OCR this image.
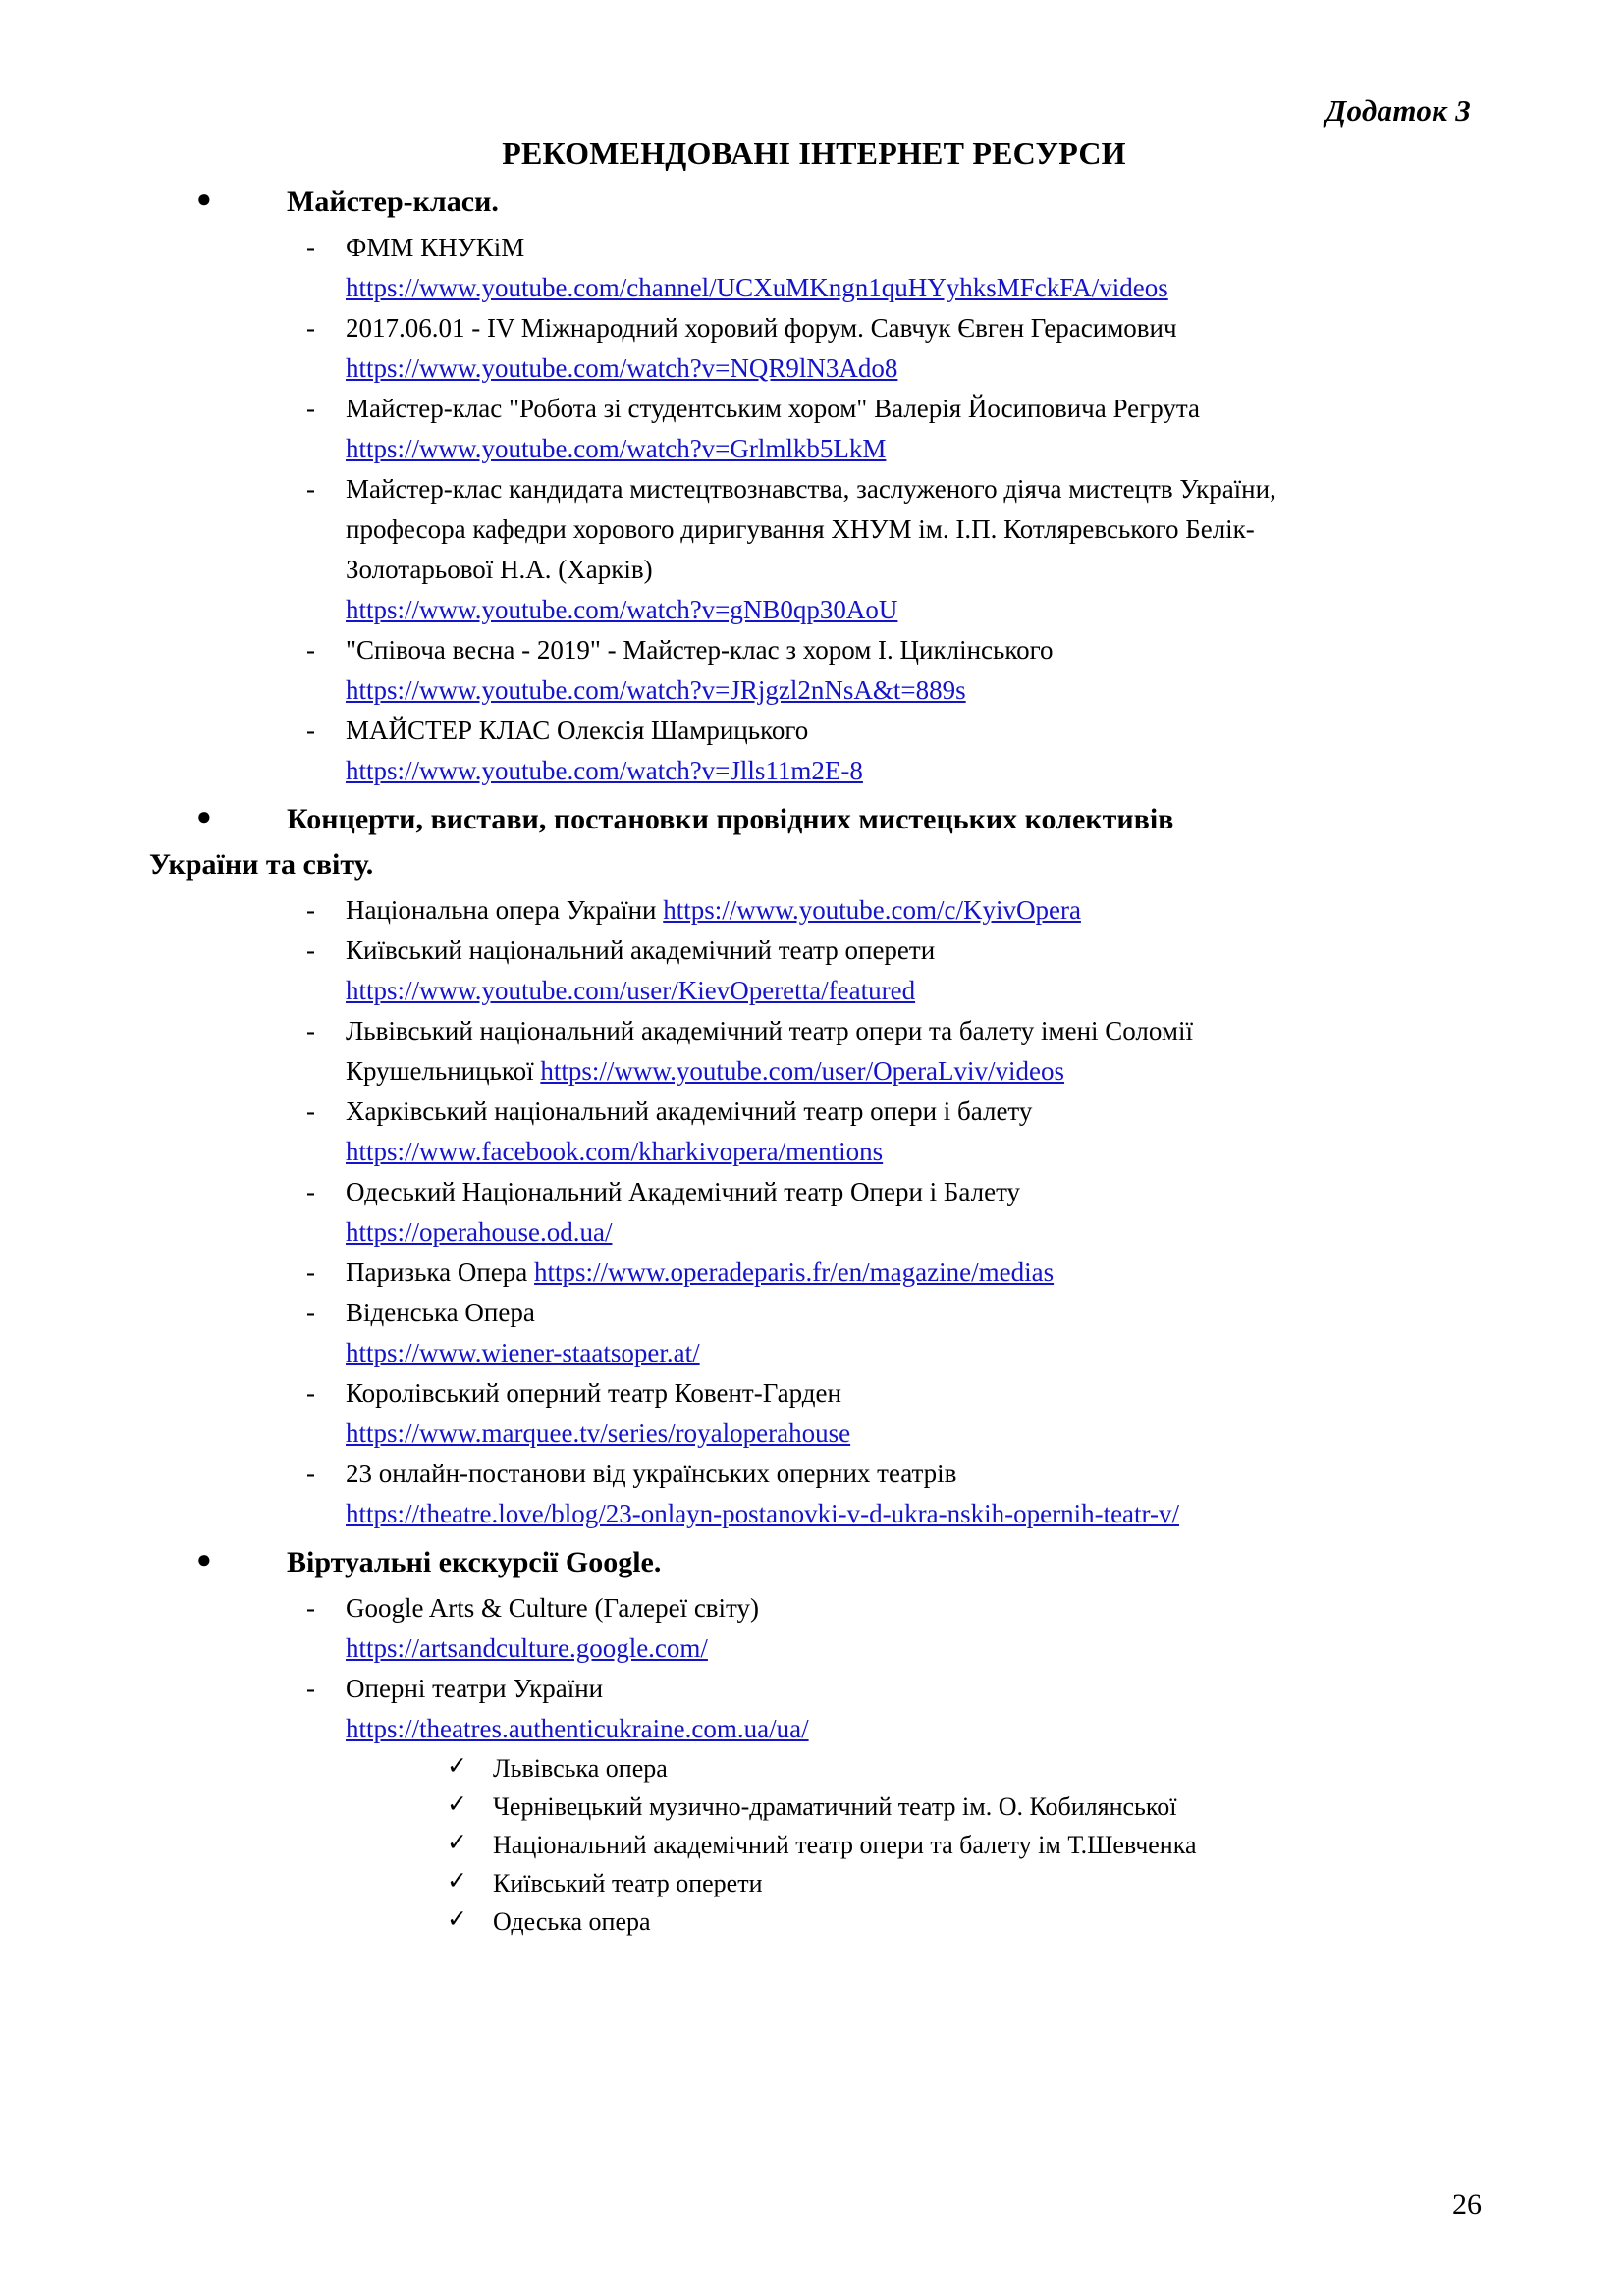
Додаток 3
РЕКОМЕНДОВАНІ ІНТЕРНЕТ РЕСУРСИ
●	Майстер-класи.
- ФММ КНУКіМ
https://www.youtube.com/channel/UCXuMKngn1quHYyhksMFckFA/videos
- 2017.06.01 - IV Міжнародний хоровий форум. Савчук Євген Герасимович
https://www.youtube.com/watch?v=NQR9lN3Ado8
- Майстер-клас "Робота зі студентським хором" Валерія Йосиповича Регрута
https://www.youtube.com/watch?v=Grlmlkb5LkM
- Майстер-клас кандидата мистецтвознавства, заслуженого діяча мистецтв України,
професора кафедри хорового диригування ХНУМ ім. І.П. Котляревського Белік-
Золотарьової Н.А. (Харків)
https://www.youtube.com/watch?v=gNB0qp30AoU
- "Співоча весна - 2019" - Майстер-клас з хором І. Циклінського
https://www.youtube.com/watch?v=JRjgzl2nNsA&t=889s
- МАЙСТЕР КЛАС Олексія Шамрицького
https://www.youtube.com/watch?v=Jlls11m2E-8
●	Концерти, вистави, постановки провідних мистецьких колективів
України та світу.
- Національна опера України https://www.youtube.com/c/KyivOpera
- Київський національний академічний театр оперети
https://www.youtube.com/user/KievOperetta/featured
- Львівський національний академічний театр опери та балету імені Соломії
Крушельницької https://www.youtube.com/user/OperaLviv/videos
- Харківський національний академічний театр опери і балету
https://www.facebook.com/kharkivopera/mentions
- Одеський Національний Академічний театр Опери і Балету
https://operahouse.od.ua/
- Паризька Опера https://www.operadeparis.fr/en/magazine/medias
- Віденська Опера
https://www.wiener-staatsoper.at/
- Королівський оперний театр Ковент-Гарден
https://www.marquee.tv/series/royaloperahouse
- 23 онлайн-постанови від українських оперних театрів
https://theatre.love/blog/23-onlayn-postanovki-v-d-ukra-nskih-opernih-teatr-v/
●	Віртуальні екскурсії Google.
- Google Arts & Culture (Галереї світу)
https://artsandculture.google.com/
- Оперні театри України
https://theatres.authenticukraine.com.ua/ua/
✓ Львівська опера
✓ Чернівецький музично-драматичний театр ім. О. Кобилянської
✓ Національний академічний театр опери та балету ім Т.Шевченка
✓ Київський театр оперети
✓ Одеська опера
26
